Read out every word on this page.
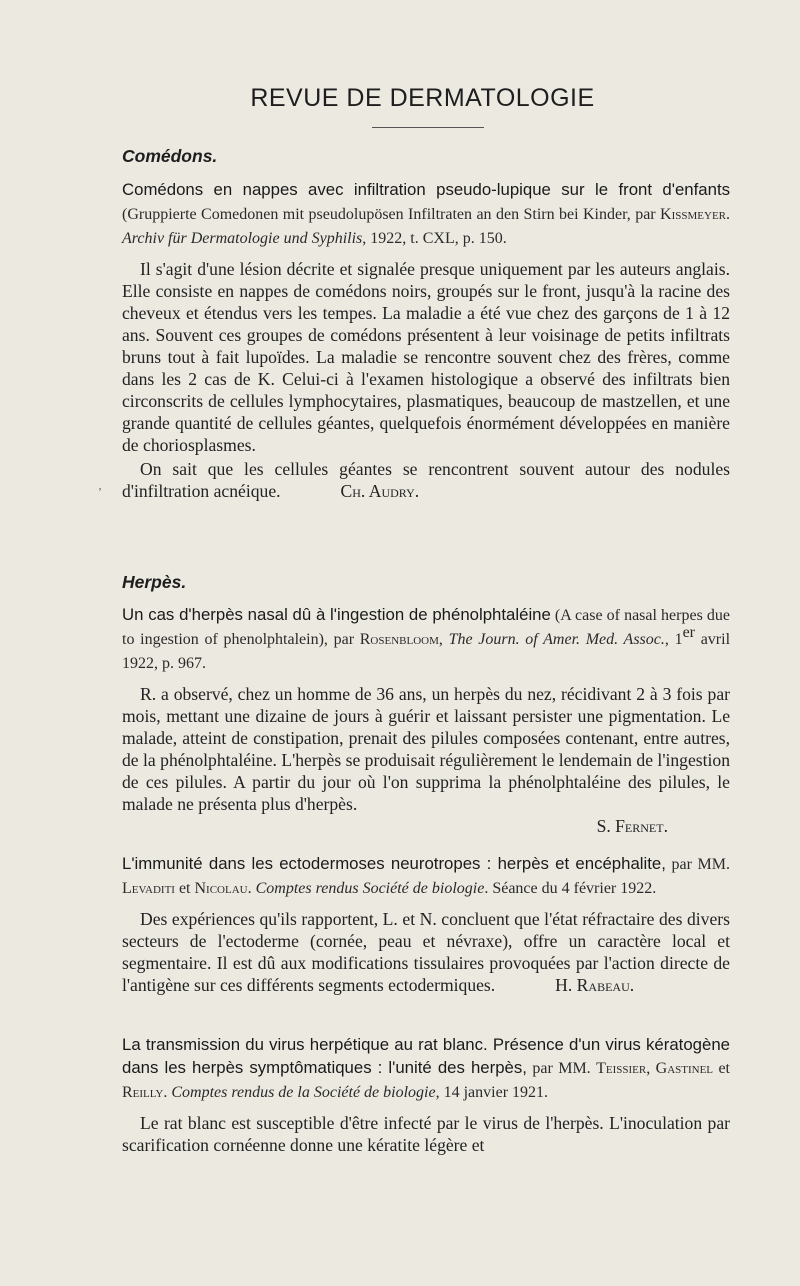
REVUE DE DERMATOLOGIE
Comédons.
Comédons en nappes avec infiltration pseudo-lupique sur le front d'enfants (Gruppierte Comedonen mit pseudolupösen Infiltraten an den Stirn bei Kinder, par Kissmeyer. Archiv für Dermatologie und Syphilis, 1922, t. CXL, p. 150.
Il s'agit d'une lésion décrite et signalée presque uniquement par les auteurs anglais. Elle consiste en nappes de comédons noirs, groupés sur le front, jusqu'à la racine des cheveux et étendus vers les tempes. La maladie a été vue chez des garçons de 1 à 12 ans. Souvent ces groupes de comédons présentent à leur voisinage de petits infiltrats bruns tout à fait lupoïdes. La maladie se rencontre souvent chez des frères, comme dans les 2 cas de K. Celui-ci à l'examen histologique a observé des infiltrats bien circonscrits de cellules lymphocytaires, plasmatiques, beaucoup de mastzellen, et une grande quantité de cellules géantes, quelquefois énormément développées en manière de choriosplasmes.
On sait que les cellules géantes se rencontrent souvent autour des nodules d'infiltration acnéique.	Ch. Audry.
ʼ
Herpès.
Un cas d'herpès nasal dû à l'ingestion de phénolphtaléine (A case of nasal herpes due to ingestion of phenolphtalein), par Rosenbloom, The Journ. of Amer. Med. Assoc., 1er avril 1922, p. 967.
R. a observé, chez un homme de 36 ans, un herpès du nez, récidivant 2 à 3 fois par mois, mettant une dizaine de jours à guérir et laissant persister une pigmentation. Le malade, atteint de constipation, prenait des pilules composées contenant, entre autres, de la phénolphtaléine. L'herpès se produisait régulièrement le lendemain de l'ingestion de ces pilules. A partir du jour où l'on supprima la phénolphtaléine des pilules, le malade ne présenta plus d'herpès.
S. Fernet.
L'immunité dans les ectodermoses neurotropes : herpès et encéphalite, par MM. Levaditi et Nicolau. Comptes rendus Société de biologie. Séance du 4 février 1922.
Des expériences qu'ils rapportent, L. et N. concluent que l'état réfractaire des divers secteurs de l'ectoderme (cornée, peau et névraxe), offre un caractère local et segmentaire. Il est dû aux modifications tissulaires provoquées par l'action directe de l'antigène sur ces différents segments ectodermiques.	H. Rabeau.
La transmission du virus herpétique au rat blanc. Présence d'un virus kératogène dans les herpès symptômatiques : l'unité des herpès, par MM. Teissier, Gastinel et Reilly. Comptes rendus de la Société de biologie, 14 janvier 1921.
Le rat blanc est susceptible d'être infecté par le virus de l'herpès. L'inoculation par scarification cornéenne donne une kératite légère et
